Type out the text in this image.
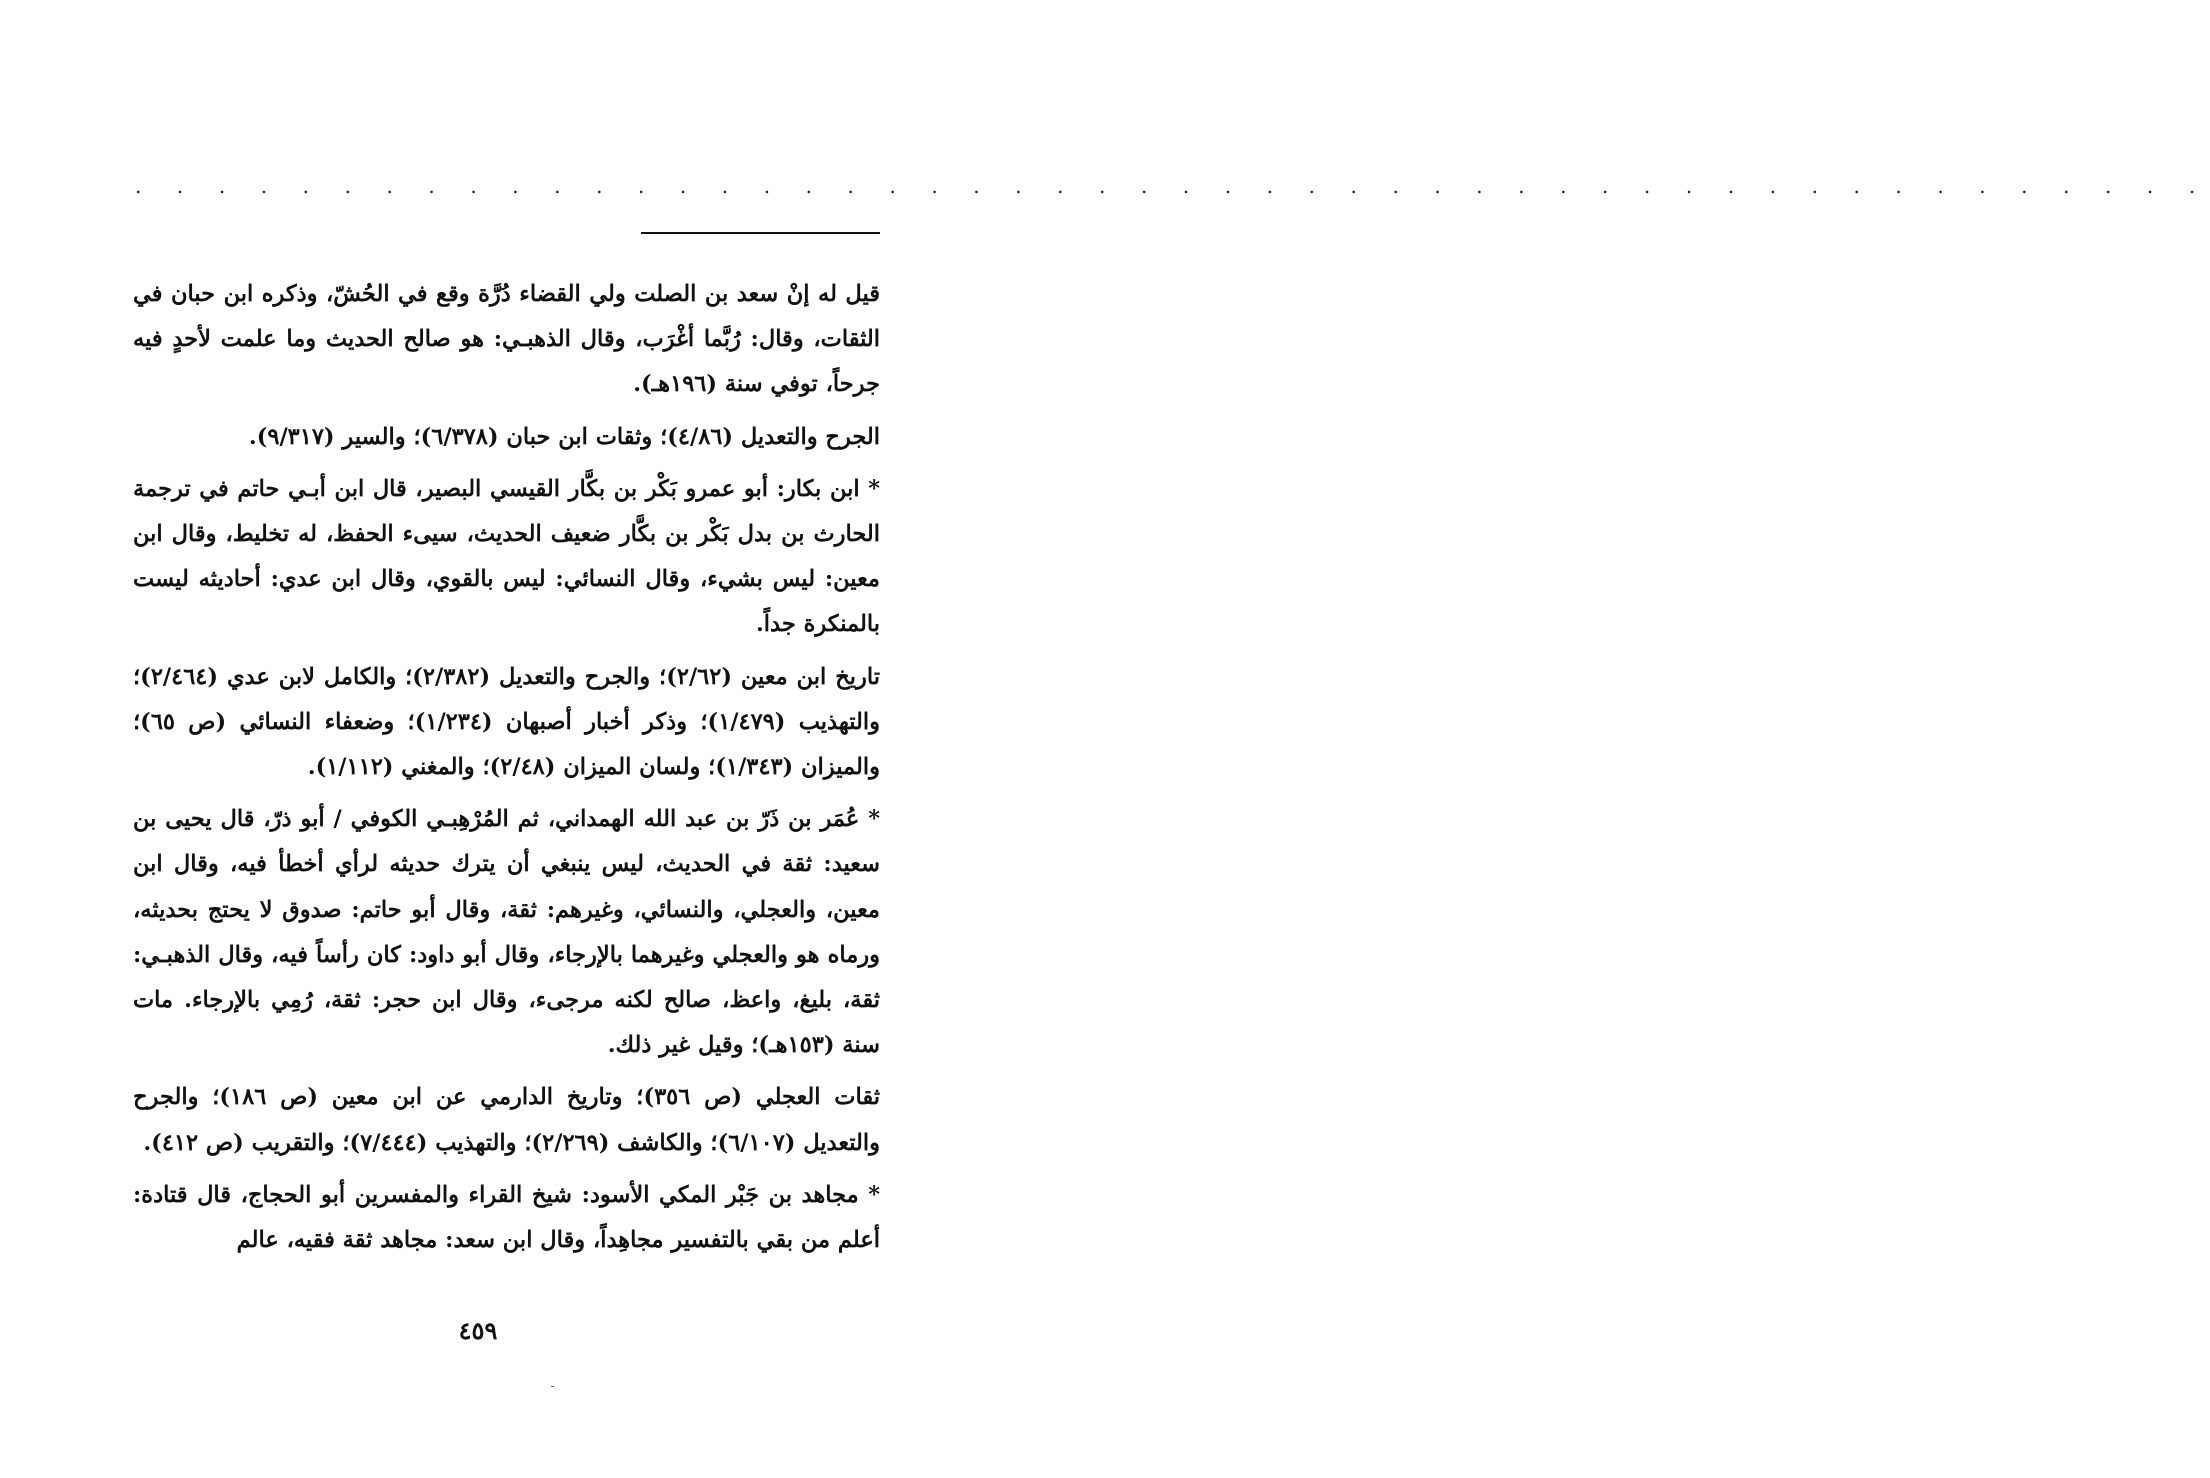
. . . . . . . . . . . . . . . . . . . . . . . . . . . . . . . . . . . . . . . . . . . . . . . . . .

قيل له إنْ سعد بن الصلت ولي القضاء دُرَّة وقع في الحُشّ، وذكره ابن حبان في الثقات، وقال: رُبَّما أغْرَب، وقال الذهبـي: هو صالح الحديث وما علمت لأحدٍ فيه جرحاً، توفي سنة (١٩٦هـ).

الجرح والتعديل (٤/٨٦)؛ وثقات ابن حبان (٦/٣٧٨)؛ والسير (٩/٣١٧).

* ابن بكار: أبو عمرو بَكْر بن بكَّار القيسي البصير، قال ابن أبـي حاتم في ترجمة الحارث بن بدل بَكْر بن بكَّار ضعيف الحديث، سيىء الحفظ، له تخليط، وقال ابن معين: ليس بشيء، وقال النسائي: ليس بالقوي، وقال ابن عدي: أحاديثه ليست بالمنكرة جداً.

تاريخ ابن معين (٢/٦٢)؛ والجرح والتعديل (٢/٣٨٢)؛ والكامل لابن عدي (٢/٤٦٤)؛ والتهذيب (١/٤٧٩)؛ وذكر أخبار أصبهان (١/٢٣٤)؛ وضعفاء النسائي (ص ٦٥)؛ والميزان (١/٣٤٣)؛ ولسان الميزان (٢/٤٨)؛ والمغني (١/١١٢).

* عُمَر بن ذَرّ بن عبد الله الهمداني، ثم المُرْهِبـي الكوفي / أبو ذرّ، قال يحيى بن سعيد: ثقة في الحديث، ليس ينبغي أن يترك حديثه لرأي أخطأ فيه، وقال ابن معين، والعجلي، والنسائي، وغيرهم: ثقة، وقال أبو حاتم: صدوق لا يحتج بحديثه، ورماه هو والعجلي وغيرهما بالإرجاء، وقال أبو داود: كان رأساً فيه، وقال الذهبـي: ثقة، بليغ، واعظ، صالح لكنه مرجىء، وقال ابن حجر: ثقة، رُمِي بالإرجاء. مات سنة (١٥٣هـ)؛ وقيل غير ذلك.

ثقات العجلي (ص ٣٥٦)؛ وتاريخ الدارمي عن ابن معين (ص ١٨٦)؛ والجرح والتعديل (٦/١٠٧)؛ والكاشف (٢/٢٦٩)؛ والتهذيب (٧/٤٤٤)؛ والتقريب (ص ٤١٢).

* مجاهد بن جَبْر المكي الأسود: شيخ القراء والمفسرين أبو الحجاج، قال قتادة: أعلم من بقي بالتفسير مجاهِداً، وقال ابن سعد: مجاهد ثقة فقيه، عالم

٤٥٩
